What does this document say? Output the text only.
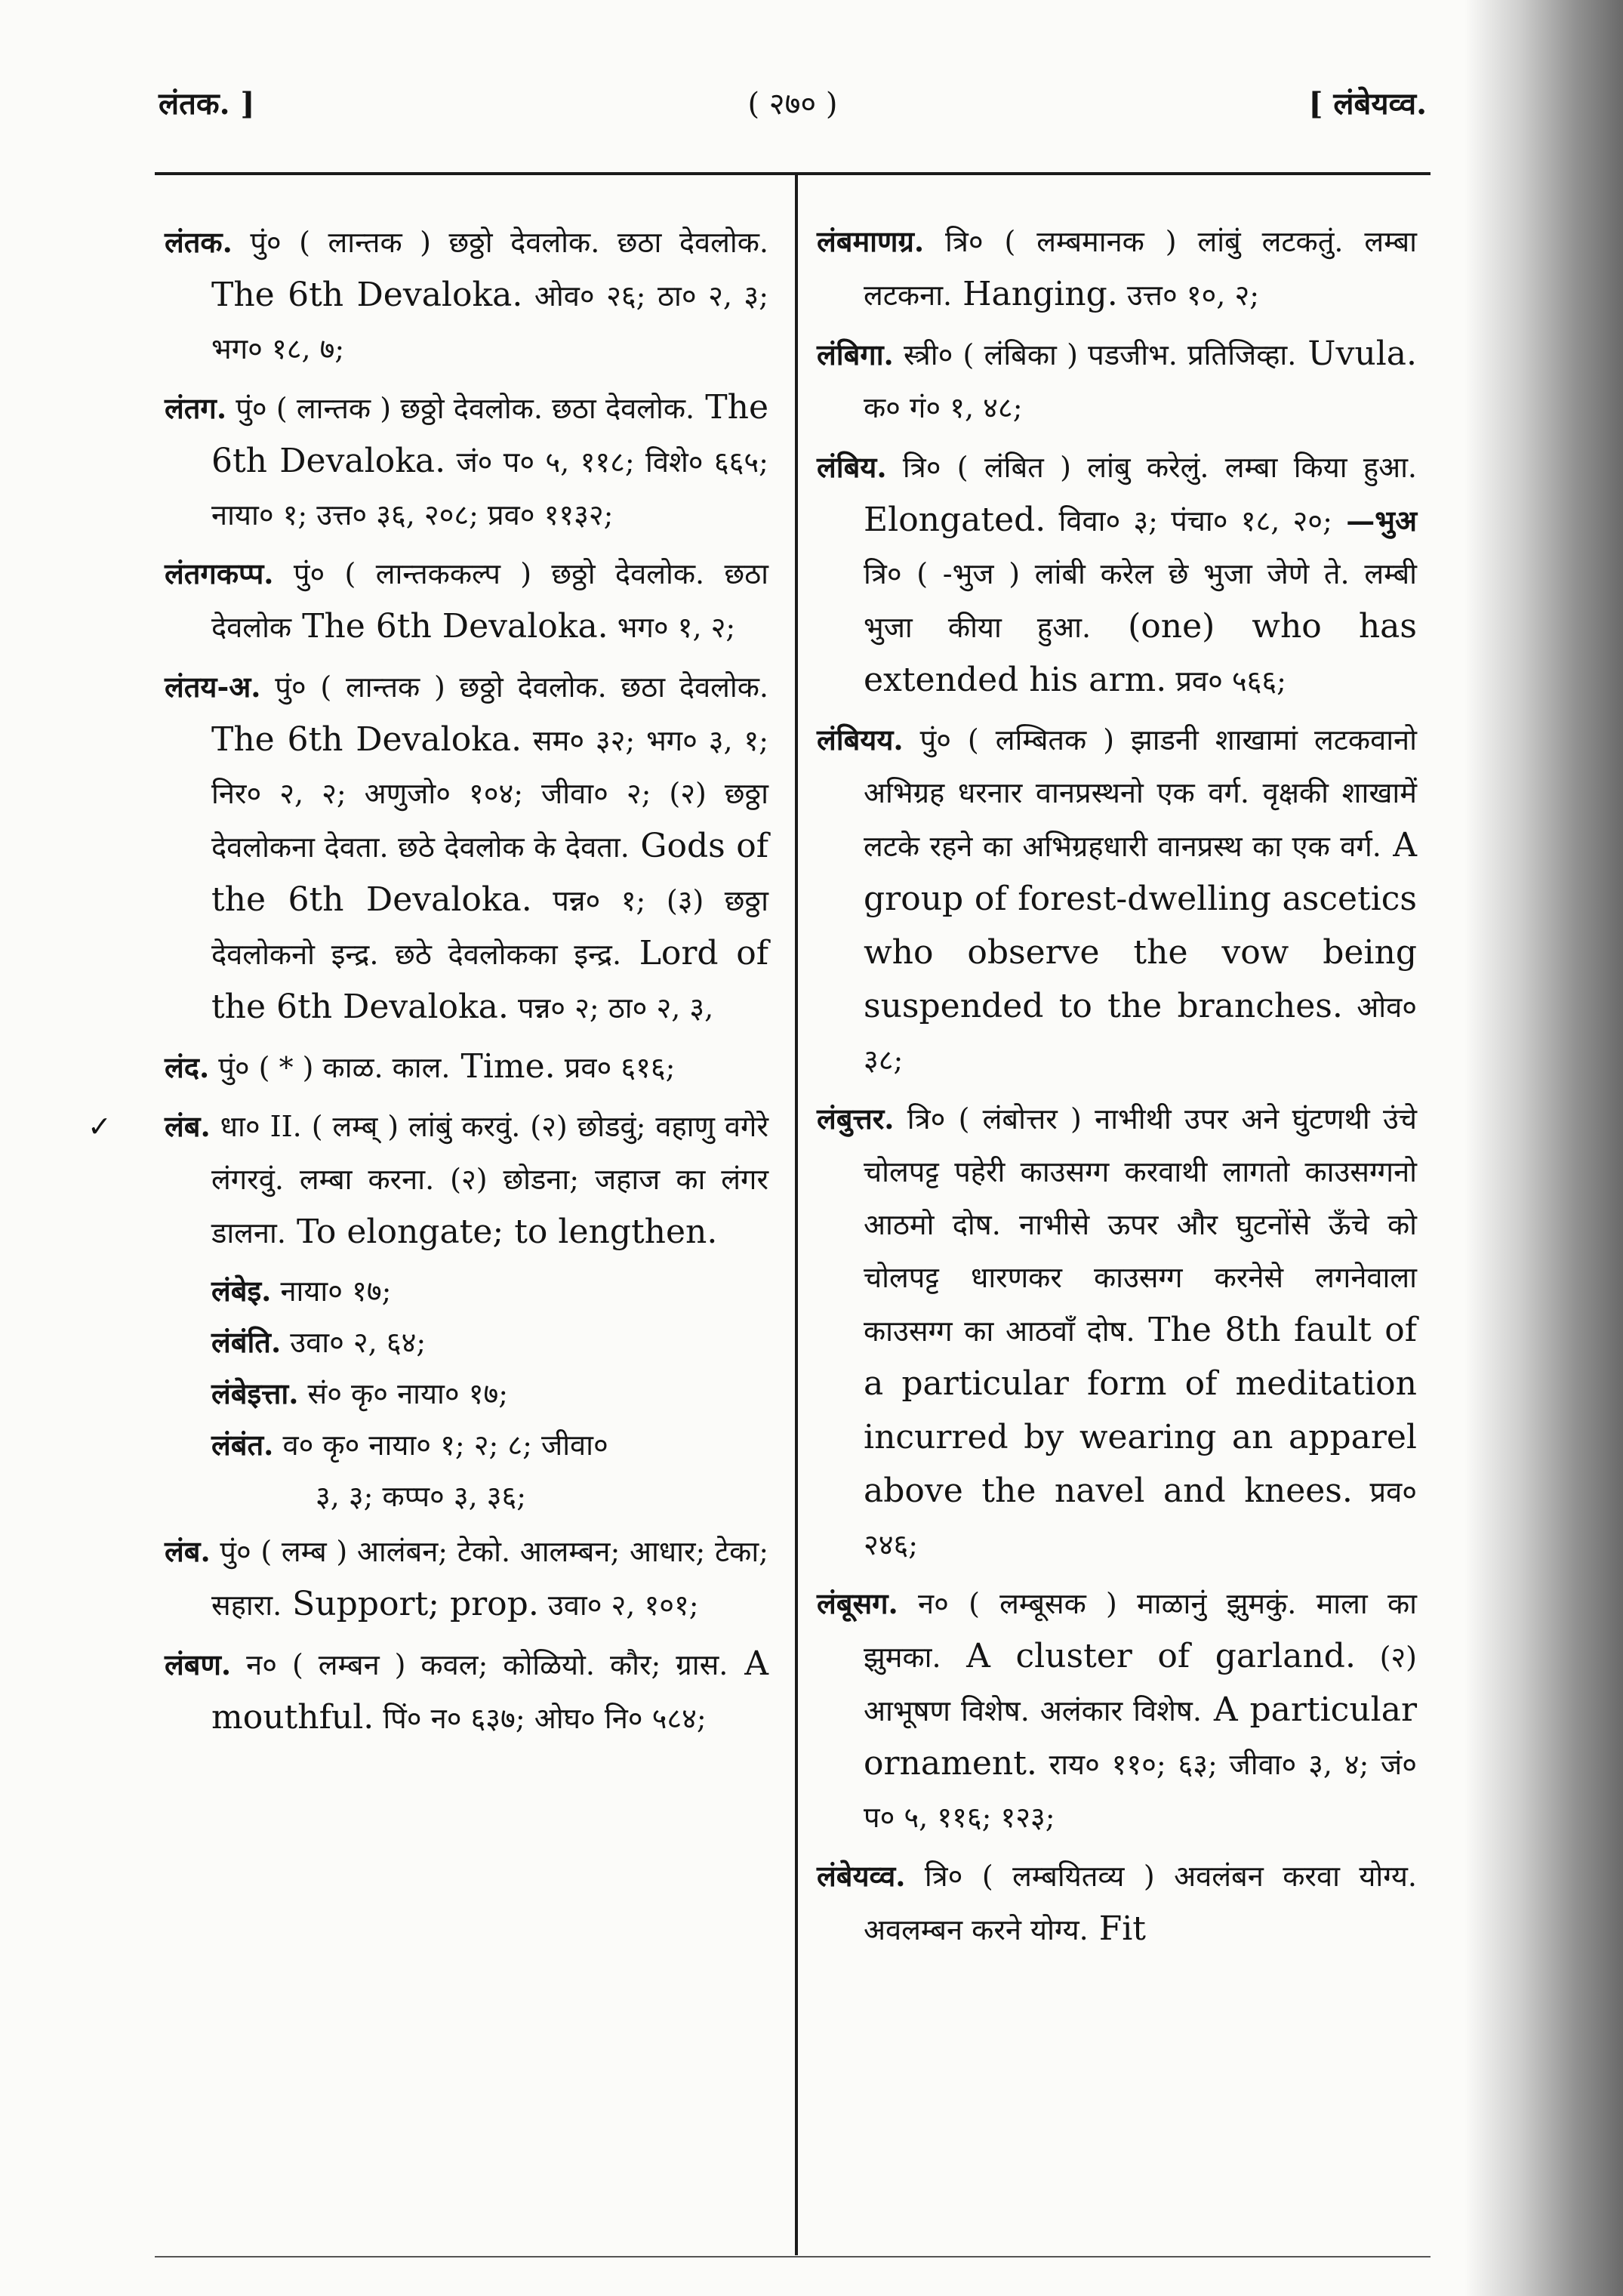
लंतक. ]	( २७० )	[ लंबेयव्व.

लंतक. पुं० ( लान्तक ) छठ्ठो देवलोक. छठा देवलोक. The 6th Devaloka. ओव० २६; ठा० २, ३; भग० १८, ७;

लंतग. पुं० ( लान्तक ) छठ्ठो देवलोक. छठा देवलोक. The 6th Devaloka. जं० प० ५, ११८; विशे० ६६५; नाया० १; उत्त० ३६, २०८; प्रव० ११३२;

लंतगकप्प. पुं० ( लान्तककल्प ) छठ्ठो देवलोक. छठा देवलोक The 6th Devaloka. भग० १, २;

लंतय-अ. पुं० ( लान्तक ) छठ्ठो देवलोक. छठा देवलोक. The 6th Devaloka. सम० ३२; भग० ३, १; निर० २, २; अणुजो० १०४; जीवा० २; (२) छठ्ठा देवलोकना देवता. छठे देवलोक के देवता. Gods of the 6th Devaloka. पन्न० १; (३) छठ्ठा देवलोकनो इन्द्र. छठे देवलोकका इन्द्र. Lord of the 6th Devaloka. पन्न० २; ठा० २, ३,

लंद. पुं० ( * ) काळ. काल. Time. प्रव० ६१६;

✓	लंब. धा० II. ( लम्ब् ) लांबुं करवुं. (२) छोडवुं; वहाणु वगेरे लंगरवुं. लम्बा करना. (२) छोडना; जहाज का लंगर डालना. To elongate; to lengthen.

लंबेइ. नाया० १७;

लंबंति. उवा० २, ६४;

लंबेइत्ता. सं० कृ० नाया० १७;

लंबंत. व० कृ० नाया० १; २; ८; जीवा०

३, ३; कप्प० ३, ३६;

लंब. पुं० ( लम्ब ) आलंबन; टेको. आलम्बन; आधार; टेका; सहारा. Support; prop. उवा० २, १०१;

लंबण. न० ( लम्बन ) कवल; कोळियो. कौर; ग्रास. A mouthful. पिं० न० ६३७; ओघ० नि० ५८४;

लंबमाणग्र. त्रि० ( लम्बमानक ) लांबुं लटकतुं. लम्बा लटकना. Hanging. उत्त० १०, २;

लंबिगा. स्त्री० ( लंबिका ) पडजीभ. प्रतिजिव्हा. Uvula. क० गं० १, ४८;

लंबिय. त्रि० ( लंबित ) लांबु करेलुं. लम्बा किया हुआ. Elongated. विवा० ३; पंचा० १८, २०; —भुअ त्रि० ( -भुज ) लांबी करेल छे भुजा जेणे ते. लम्बी भुजा कीया हुआ. (one) who has extended his arm. प्रव० ५६६;

लंबियय. पुं० ( लम्बितक ) झाडनी शाखामां लटकवानो अभिग्रह धरनार वानप्रस्थनो एक वर्ग. वृक्षकी शाखामें लटके रहने का अभिग्रहधारी वानप्रस्थ का एक वर्ग. A group of forest-dwelling ascetics who observe the vow being suspended to the branches. ओव० ३८;

लंबुत्तर. त्रि० ( लंबोत्तर ) नाभीथी उपर अने घुंटणथी उंचे चोलपट्ट पहेरी काउसग्ग करवाथी लागतो काउसग्गनो आठमो दोष. नाभीसे ऊपर और घुटनोंसे ऊँचे को चोलपट्ट धारणकर काउसग्ग करनेसे लगनेवाला काउसग्ग का आठवाँ दोष. The 8th fault of a particular form of meditation incurred by wearing an apparel above the navel and knees. प्रव० २४६;

लंबूसग. न० ( लम्बूसक ) माळानुं झुमकुं. माला का झुमका. A cluster of garland. (२) आभूषण विशेष. अलंकार विशेष. A particular ornament. राय० ११०; ६३; जीवा० ३, ४; जं० प० ५, ११६; १२३;

लंबेयव्व. त्रि० ( लम्बयितव्य ) अवलंबन करवा योग्य. अवलम्बन करने योग्य. Fit
